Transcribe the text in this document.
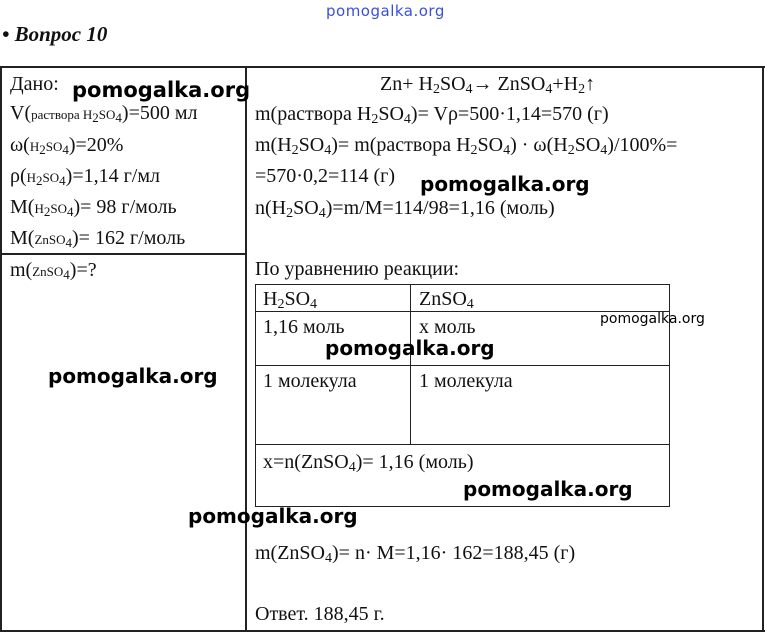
pomogalka.org
• Вопрос 10
Дано:
V(раствора $H_2SO_4)=500$ мл
$\omega(H_2SO_4)=20\%$
$\rho(H_2SO_4)=1,14$ г/мл
$M(H_2SO_4)= 98$ г/моль
M(ZnSO$_4$)= 162 г/моль
m(ZnSO$_4$)=?
$Zn+ H_2SO_4\to$ $ZnSO_4+H_2↑$
m(раствора $H_2SO_4)= V\rho=500\cdot 1,14=570$ (г)
$m(H_2SO_4)=$ m(раствора $H_2SO_4) \cdot \omega(H_2SO_4)/100\%=$
=570·0,2=114 (г)
$n(H_2SO_4)=m/M=114/98=1,16$ (моль)
По уравнению реакции:
$H_2SO_4$	ZnSO$_4$
1,16 моль	x моль
1 молекула	1 молекула
x=n(ZnSO$_4$)= 1,16 (моль)
m(ZnSO$_4$)= n· M=1,16· 162=188,45 (г)
Ответ. 188,45 г.
pomogalka.org
pomogalka.org
pomogalka.org
pomogalka.org
pomogalka.org
pomogalka.org
pomogalka.org
